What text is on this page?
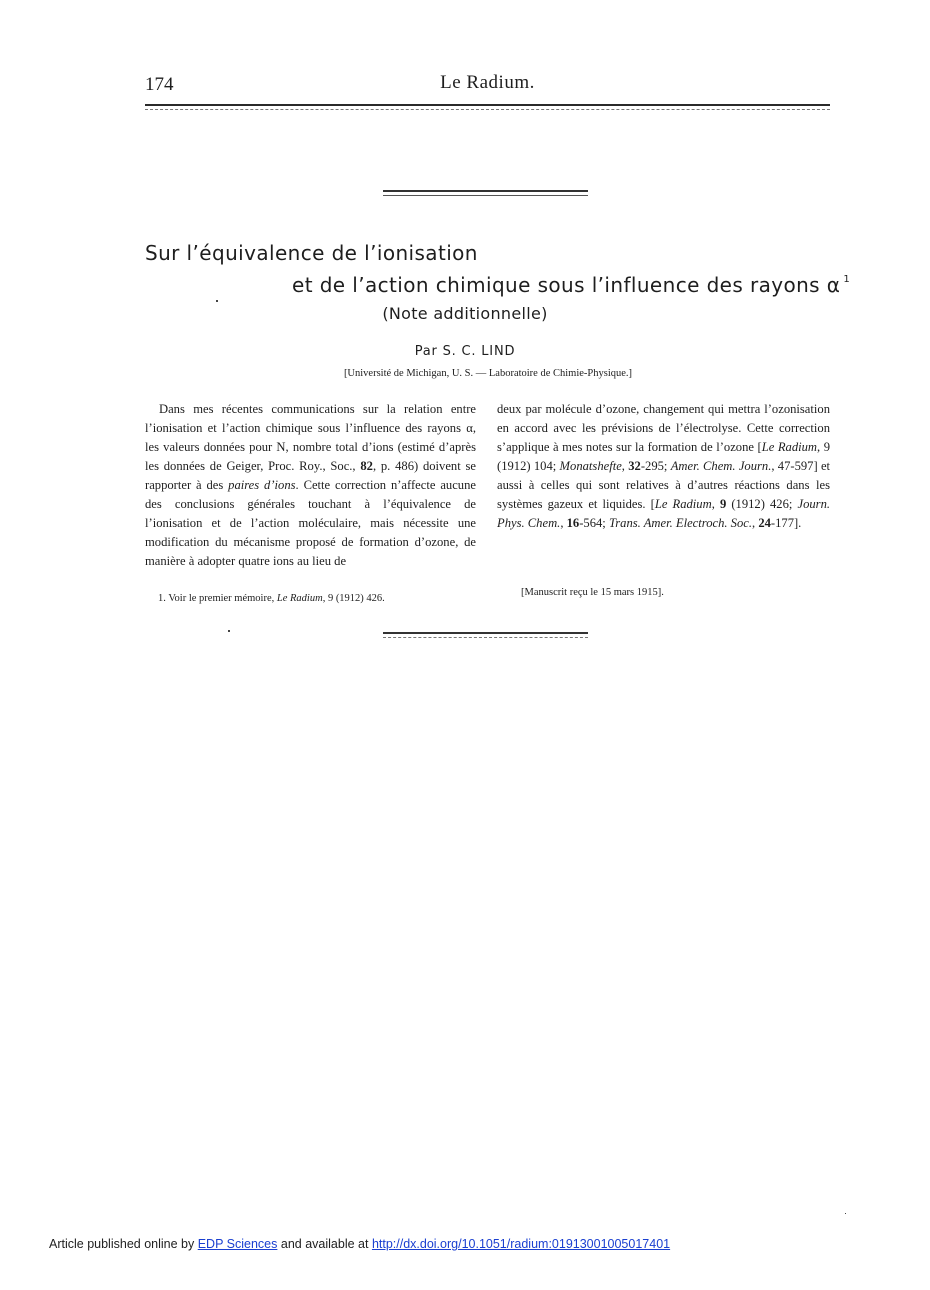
174	Le Radium.
Sur l’équivalence de l’ionisation
et de l’action chimique sous l’influence des rayons α $^1$
(Note additionnelle)
Par S. C. LIND
[Université de Michigan, U. S. — Laboratoire de Chimie-Physique.]

Dans mes récentes communications sur la relation entre l’ionisation et l’action chimique sous l’influence des rayons α, les valeurs données pour N, nombre total d’ions (estimé d’après les données de Geiger, Proc. Roy., Soc., 82, p. 486) doivent se rapporter à des paires d’ions. Cette correction n’affecte aucune des conclusions générales touchant à l’équivalence de l’ionisation et de l’action moléculaire, mais nécessite une modification du mécanisme proposé de formation d’ozone, de manière à adopter quatre ions au lieu de

deux par molécule d’ozone, changement qui mettra l’ozonisation en accord avec les prévisions de l’électrolyse. Cette correction s’applique à mes notes sur la formation de l’ozone [Le Radium, 9 (1912) 104; Monatshefte, 32-295; Amer. Chem. Journ., 47-597] et aussi à celles qui sont relatives à d’autres réactions dans les systèmes gazeux et liquides. [Le Radium, 9 (1912) 426; Journ. Phys. Chem., 16-564; Trans. Amer. Electroch. Soc., 24-177].

1. Voir le premier mémoire, Le Radium, 9 (1912) 426.
[Manuscrit reçu le 15 mars 1915].
Article published online by EDP Sciences and available at http://dx.doi.org/10.1051/radium:01913001005017401
